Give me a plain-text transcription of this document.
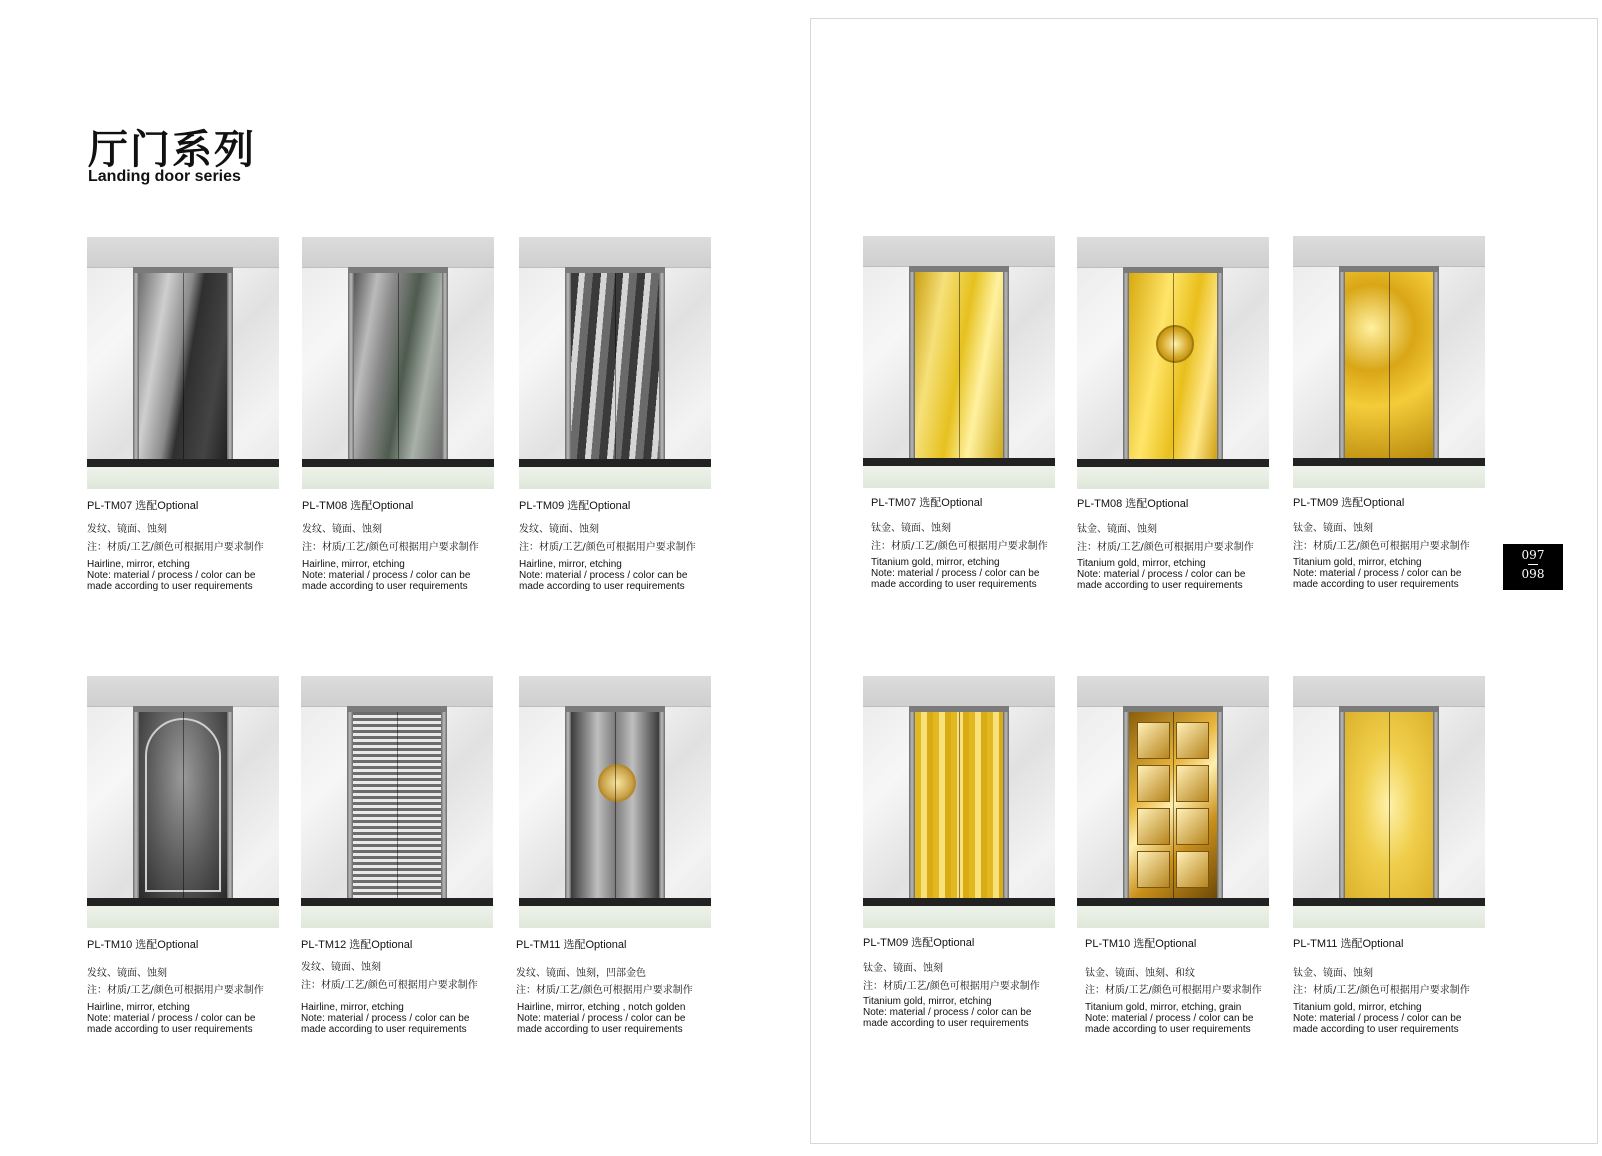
厅门系列
Landing door series
097
098
PL-TM07 选配Optional
发纹、镜面、蚀刻
注：材质/工艺/颜色可根据用户要求制作
Hairline, mirror, etching
Note: material / process / color can be
made according to user requirements
PL-TM08 选配Optional
发纹、镜面、蚀刻
注：材质/工艺/颜色可根据用户要求制作
Hairline, mirror, etching
Note: material / process / color can be
made according to user requirements
PL-TM09 选配Optional
发纹、镜面、蚀刻
注：材质/工艺/颜色可根据用户要求制作
Hairline, mirror, etching
Note: material / process / color can be
made according to user requirements
PL-TM10 选配Optional
发纹、镜面、蚀刻
注：材质/工艺/颜色可根据用户要求制作
Hairline, mirror, etching
Note: material / process / color can be
made according to user requirements
PL-TM12 选配Optional
发纹、镜面、蚀刻
注：材质/工艺/颜色可根据用户要求制作
Hairline, mirror, etching
Note: material / process / color can be
made according to user requirements
PL-TM11 选配Optional
发纹、镜面、蚀刻，凹部金色
注：材质/工艺/颜色可根据用户要求制作
Hairline, mirror, etching , notch golden
Note: material / process / color can be
made according to user requirements
PL-TM07 选配Optional
钛金、镜面、蚀刻
注：材质/工艺/颜色可根据用户要求制作
Titanium gold, mirror, etching
Note: material / process / color can be
made according to user requirements
PL-TM08 选配Optional
钛金、镜面、蚀刻
注：材质/工艺/颜色可根据用户要求制作
Titanium gold, mirror, etching
Note: material / process / color can be
made according to user requirements
PL-TM09 选配Optional
钛金、镜面、蚀刻
注：材质/工艺/颜色可根据用户要求制作
Titanium gold, mirror, etching
Note: material / process / color can be
made according to user requirements
PL-TM09 选配Optional
钛金、镜面、蚀刻
注：材质/工艺/颜色可根据用户要求制作
Titanium gold, mirror, etching
Note: material / process / color can be
made according to user requirements
PL-TM10 选配Optional
钛金、镜面、蚀刻、和纹
注：材质/工艺/颜色可根据用户要求制作
Titanium gold, mirror, etching, grain
Note: material / process / color can be
made according to user requirements
PL-TM11 选配Optional
钛金、镜面、蚀刻
注：材质/工艺/颜色可根据用户要求制作
Titanium gold, mirror, etching
Note: material / process / color can be
made according to user requirements
